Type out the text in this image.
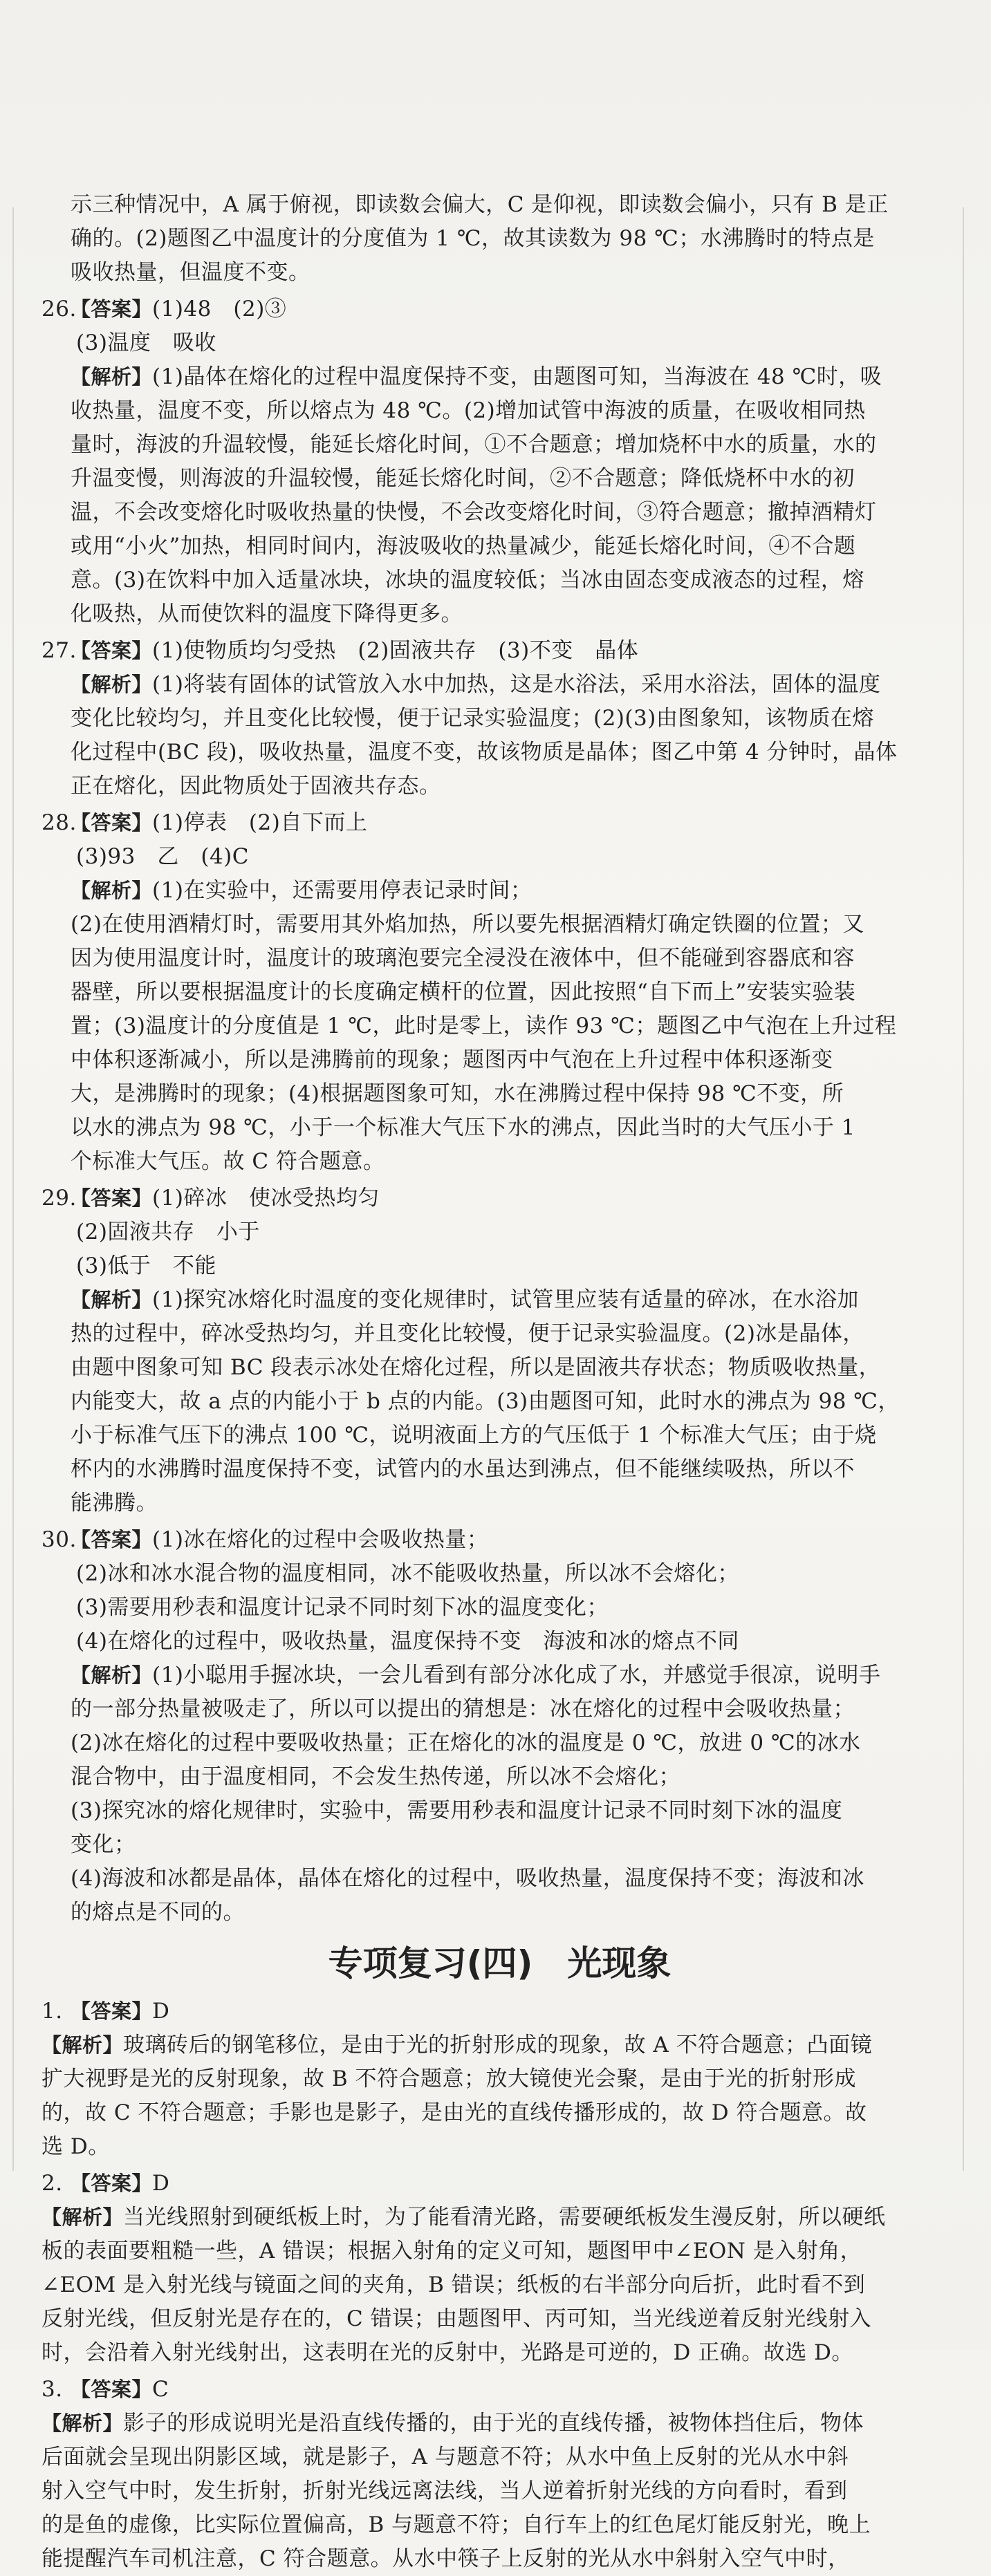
示三种情况中，A 属于俯视，即读数会偏大，C 是仰视，即读数会偏小，只有 B 是正
确的。(2)题图乙中温度计的分度值为 1 ℃，故其读数为 98 ℃；水沸腾时的特点是
吸收热量，但温度不变。
26.【答案】(1)48　(2)③
(3)温度　吸收
【解析】(1)晶体在熔化的过程中温度保持不变，由题图可知，当海波在 48 ℃时，吸
收热量，温度不变，所以熔点为 48 ℃。(2)增加试管中海波的质量，在吸收相同热
量时，海波的升温较慢，能延长熔化时间，①不合题意；增加烧杯中水的质量，水的
升温变慢，则海波的升温较慢，能延长熔化时间，②不合题意；降低烧杯中水的初
温，不会改变熔化时吸收热量的快慢，不会改变熔化时间，③符合题意；撤掉酒精灯
或用“小火”加热，相同时间内，海波吸收的热量减少，能延长熔化时间，④不合题
意。(3)在饮料中加入适量冰块，冰块的温度较低；当冰由固态变成液态的过程，熔
化吸热，从而使饮料的温度下降得更多。
27.【答案】(1)使物质均匀受热　(2)固液共存　(3)不变　晶体
【解析】(1)将装有固体的试管放入水中加热，这是水浴法，采用水浴法，固体的温度
变化比较均匀，并且变化比较慢，便于记录实验温度；(2)(3)由图象知，该物质在熔
化过程中(BC 段)，吸收热量，温度不变，故该物质是晶体；图乙中第 4 分钟时，晶体
正在熔化，因此物质处于固液共存态。
28.【答案】(1)停表　(2)自下而上
(3)93　乙　(4)C
【解析】(1)在实验中，还需要用停表记录时间；
(2)在使用酒精灯时，需要用其外焰加热，所以要先根据酒精灯确定铁圈的位置；又
因为使用温度计时，温度计的玻璃泡要完全浸没在液体中，但不能碰到容器底和容
器壁，所以要根据温度计的长度确定横杆的位置，因此按照“自下而上”安装实验装
置；(3)温度计的分度值是 1 ℃，此时是零上，读作 93 ℃；题图乙中气泡在上升过程
中体积逐渐减小，所以是沸腾前的现象；题图丙中气泡在上升过程中体积逐渐变
大，是沸腾时的现象；(4)根据题图象可知，水在沸腾过程中保持 98 ℃不变，所
以水的沸点为 98 ℃，小于一个标准大气压下水的沸点，因此当时的大气压小于 1
个标准大气压。故 C 符合题意。
29.【答案】(1)碎冰　使冰受热均匀
(2)固液共存　小于
(3)低于　不能
【解析】(1)探究冰熔化时温度的变化规律时，试管里应装有适量的碎冰，在水浴加
热的过程中，碎冰受热均匀，并且变化比较慢，便于记录实验温度。(2)冰是晶体，
由题中图象可知 BC 段表示冰处在熔化过程，所以是固液共存状态；物质吸收热量，
内能变大，故 a 点的内能小于 b 点的内能。(3)由题图可知，此时水的沸点为 98 ℃，
小于标准气压下的沸点 100 ℃，说明液面上方的气压低于 1 个标准大气压；由于烧
杯内的水沸腾时温度保持不变，试管内的水虽达到沸点，但不能继续吸热，所以不
能沸腾。
30.【答案】(1)冰在熔化的过程中会吸收热量；
(2)冰和冰水混合物的温度相同，冰不能吸收热量，所以冰不会熔化；
(3)需要用秒表和温度计记录不同时刻下冰的温度变化；
(4)在熔化的过程中，吸收热量，温度保持不变　海波和冰的熔点不同
【解析】(1)小聪用手握冰块，一会儿看到有部分冰化成了水，并感觉手很凉，说明手
的一部分热量被吸走了，所以可以提出的猜想是：冰在熔化的过程中会吸收热量；
(2)冰在熔化的过程中要吸收热量；正在熔化的冰的温度是 0 ℃，放进 0 ℃的冰水
混合物中，由于温度相同，不会发生热传递，所以冰不会熔化；
(3)探究冰的熔化规律时，实验中，需要用秒表和温度计记录不同时刻下冰的温度
变化；
(4)海波和冰都是晶体，晶体在熔化的过程中，吸收热量，温度保持不变；海波和冰
的熔点是不同的。
专项复习(四)　光现象
1. 【答案】D
【解析】玻璃砖后的钢笔移位，是由于光的折射形成的现象，故 A 不符合题意；凸面镜
扩大视野是光的反射现象，故 B 不符合题意；放大镜使光会聚，是由于光的折射形成
的，故 C 不符合题意；手影也是影子，是由光的直线传播形成的，故 D 符合题意。故
选 D。
2. 【答案】D
【解析】当光线照射到硬纸板上时，为了能看清光路，需要硬纸板发生漫反射，所以硬纸
板的表面要粗糙一些，A 错误；根据入射角的定义可知，题图甲中∠EON 是入射角，
∠EOM 是入射光线与镜面之间的夹角，B 错误；纸板的右半部分向后折，此时看不到
反射光线，但反射光是存在的，C 错误；由题图甲、丙可知，当光线逆着反射光线射入
时，会沿着入射光线射出，这表明在光的反射中，光路是可逆的，D 正确。故选 D。
3. 【答案】C
【解析】影子的形成说明光是沿直线传播的，由于光的直线传播，被物体挡住后，物体
后面就会呈现出阴影区域，就是影子，A 与题意不符；从水中鱼上反射的光从水中斜
射入空气中时，发生折射，折射光线远离法线，当人逆着折射光线的方向看时，看到
的是鱼的虚像，比实际位置偏高，B 与题意不符；自行车上的红色尾灯能反射光，晚上
能提醒汽车司机注意，C 符合题意。从水中筷子上反射的光从水中斜射入空气中时，
